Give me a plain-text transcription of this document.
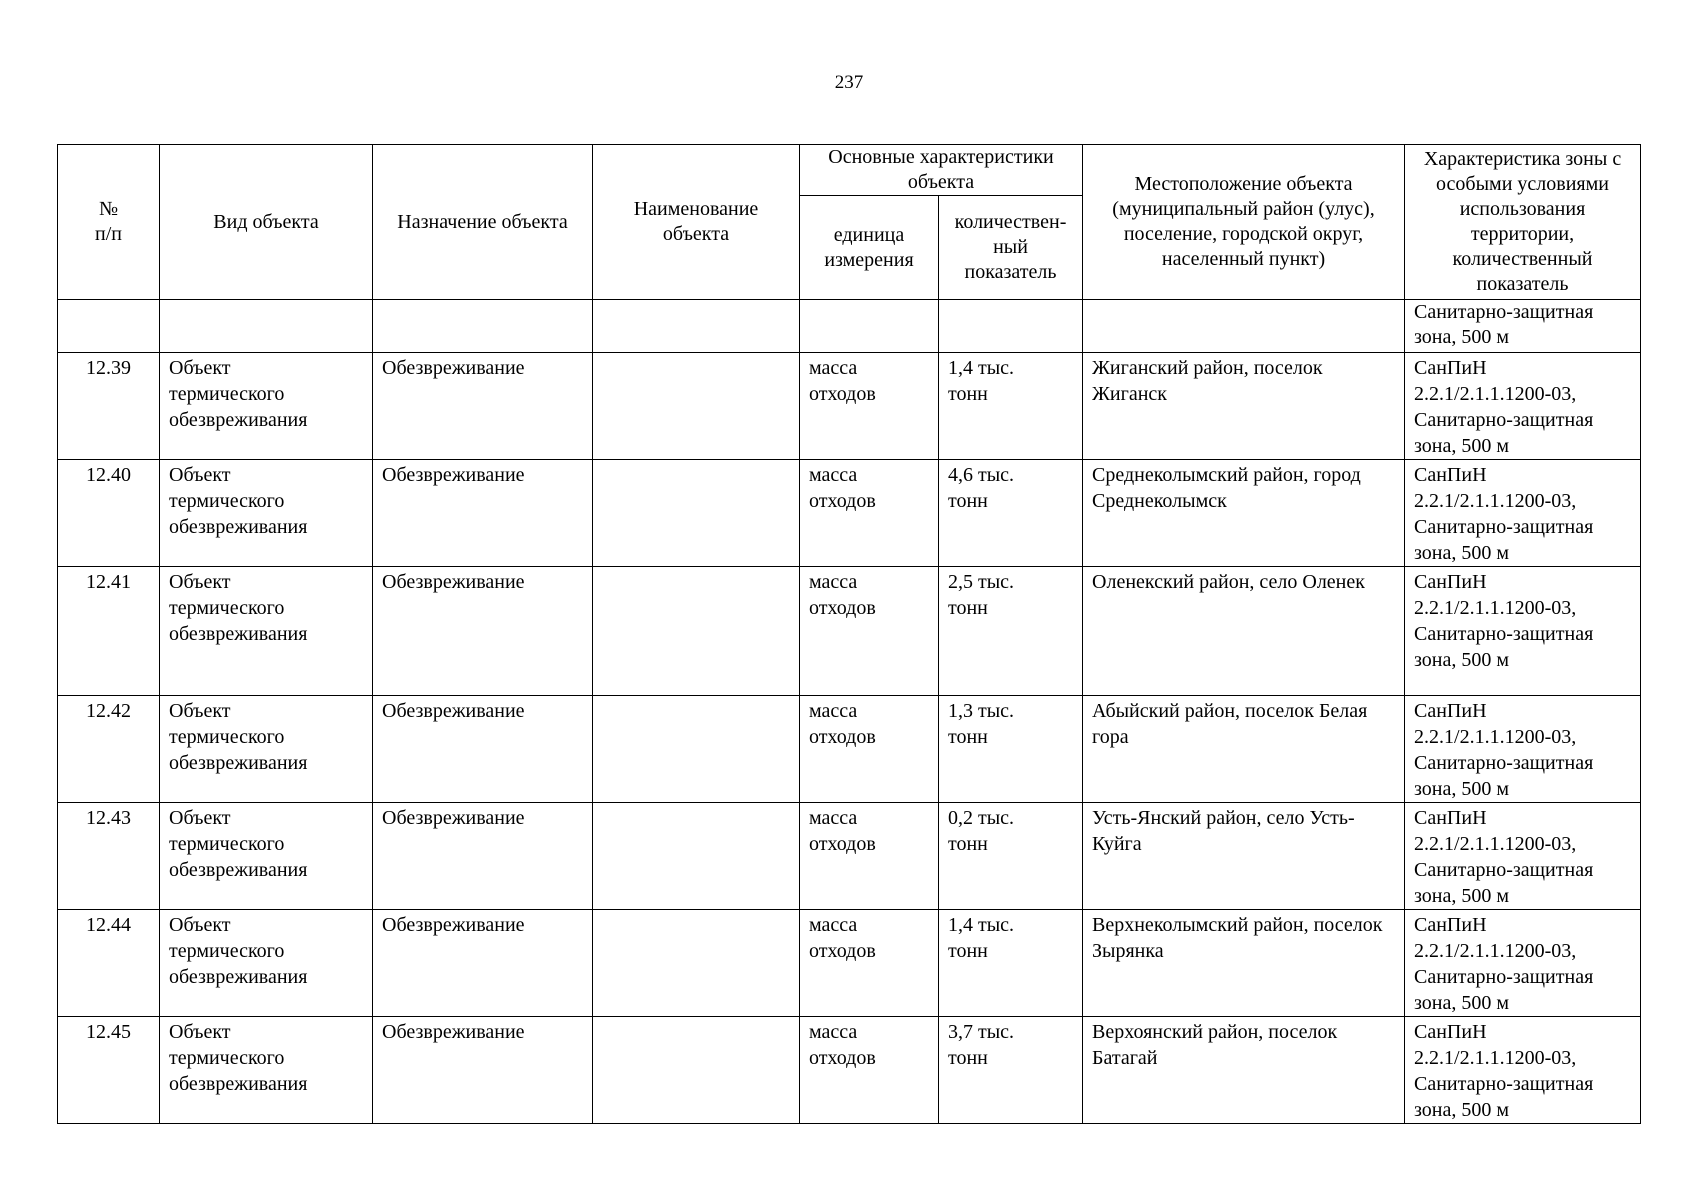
237
№
п/п	Вид объекта	Назначение объекта	Наименование объекта	Основные характеристики объекта		Местоположение объекта (муниципальный район (улус), поселение, городской округ, населенный пункт)	Характеристика зоны с особыми условиями использования территории, количественный показатель
				единица измерения	количествен-
ный
показатель		
							Санитарно-защитная зона, 500 м
12.39	Объект
термического
обезвреживания	Обезвреживание		масса
отходов	1,4 тыс.
тонн	Жиганский район, поселок Жиганск	СанПиН
2.2.1/2.1.1.1200-03,
Санитарно-защитная
зона, 500 м
12.40	Объект
термического
обезвреживания	Обезвреживание		масса
отходов	4,6 тыс.
тонн	Среднеколымский район, город Среднеколымск	СанПиН
2.2.1/2.1.1.1200-03,
Санитарно-защитная
зона, 500 м
12.41	Объект
термического
обезвреживания	Обезвреживание		масса
отходов	2,5 тыс.
тонн	Оленекский район, село Оленек	СанПиН
2.2.1/2.1.1.1200-03,
Санитарно-защитная
зона, 500 м
12.42	Объект
термического
обезвреживания	Обезвреживание		масса
отходов	1,3 тыс.
тонн	Абыйский район, поселок Белая гора	СанПиН
2.2.1/2.1.1.1200-03,
Санитарно-защитная
зона, 500 м
12.43	Объект
термического
обезвреживания	Обезвреживание		масса
отходов	0,2 тыс.
тонн	Усть-Янский район, село Усть-Куйга	СанПиН
2.2.1/2.1.1.1200-03,
Санитарно-защитная
зона, 500 м
12.44	Объект
термического
обезвреживания	Обезвреживание		масса
отходов	1,4 тыс.
тонн	Верхнеколымский район, поселок Зырянка	СанПиН
2.2.1/2.1.1.1200-03,
Санитарно-защитная
зона, 500 м
12.45	Объект
термического
обезвреживания	Обезвреживание		масса
отходов	3,7 тыс.
тонн	Верхоянский район, поселок Батагай	СанПиН
2.2.1/2.1.1.1200-03,
Санитарно-защитная
зона, 500 м
